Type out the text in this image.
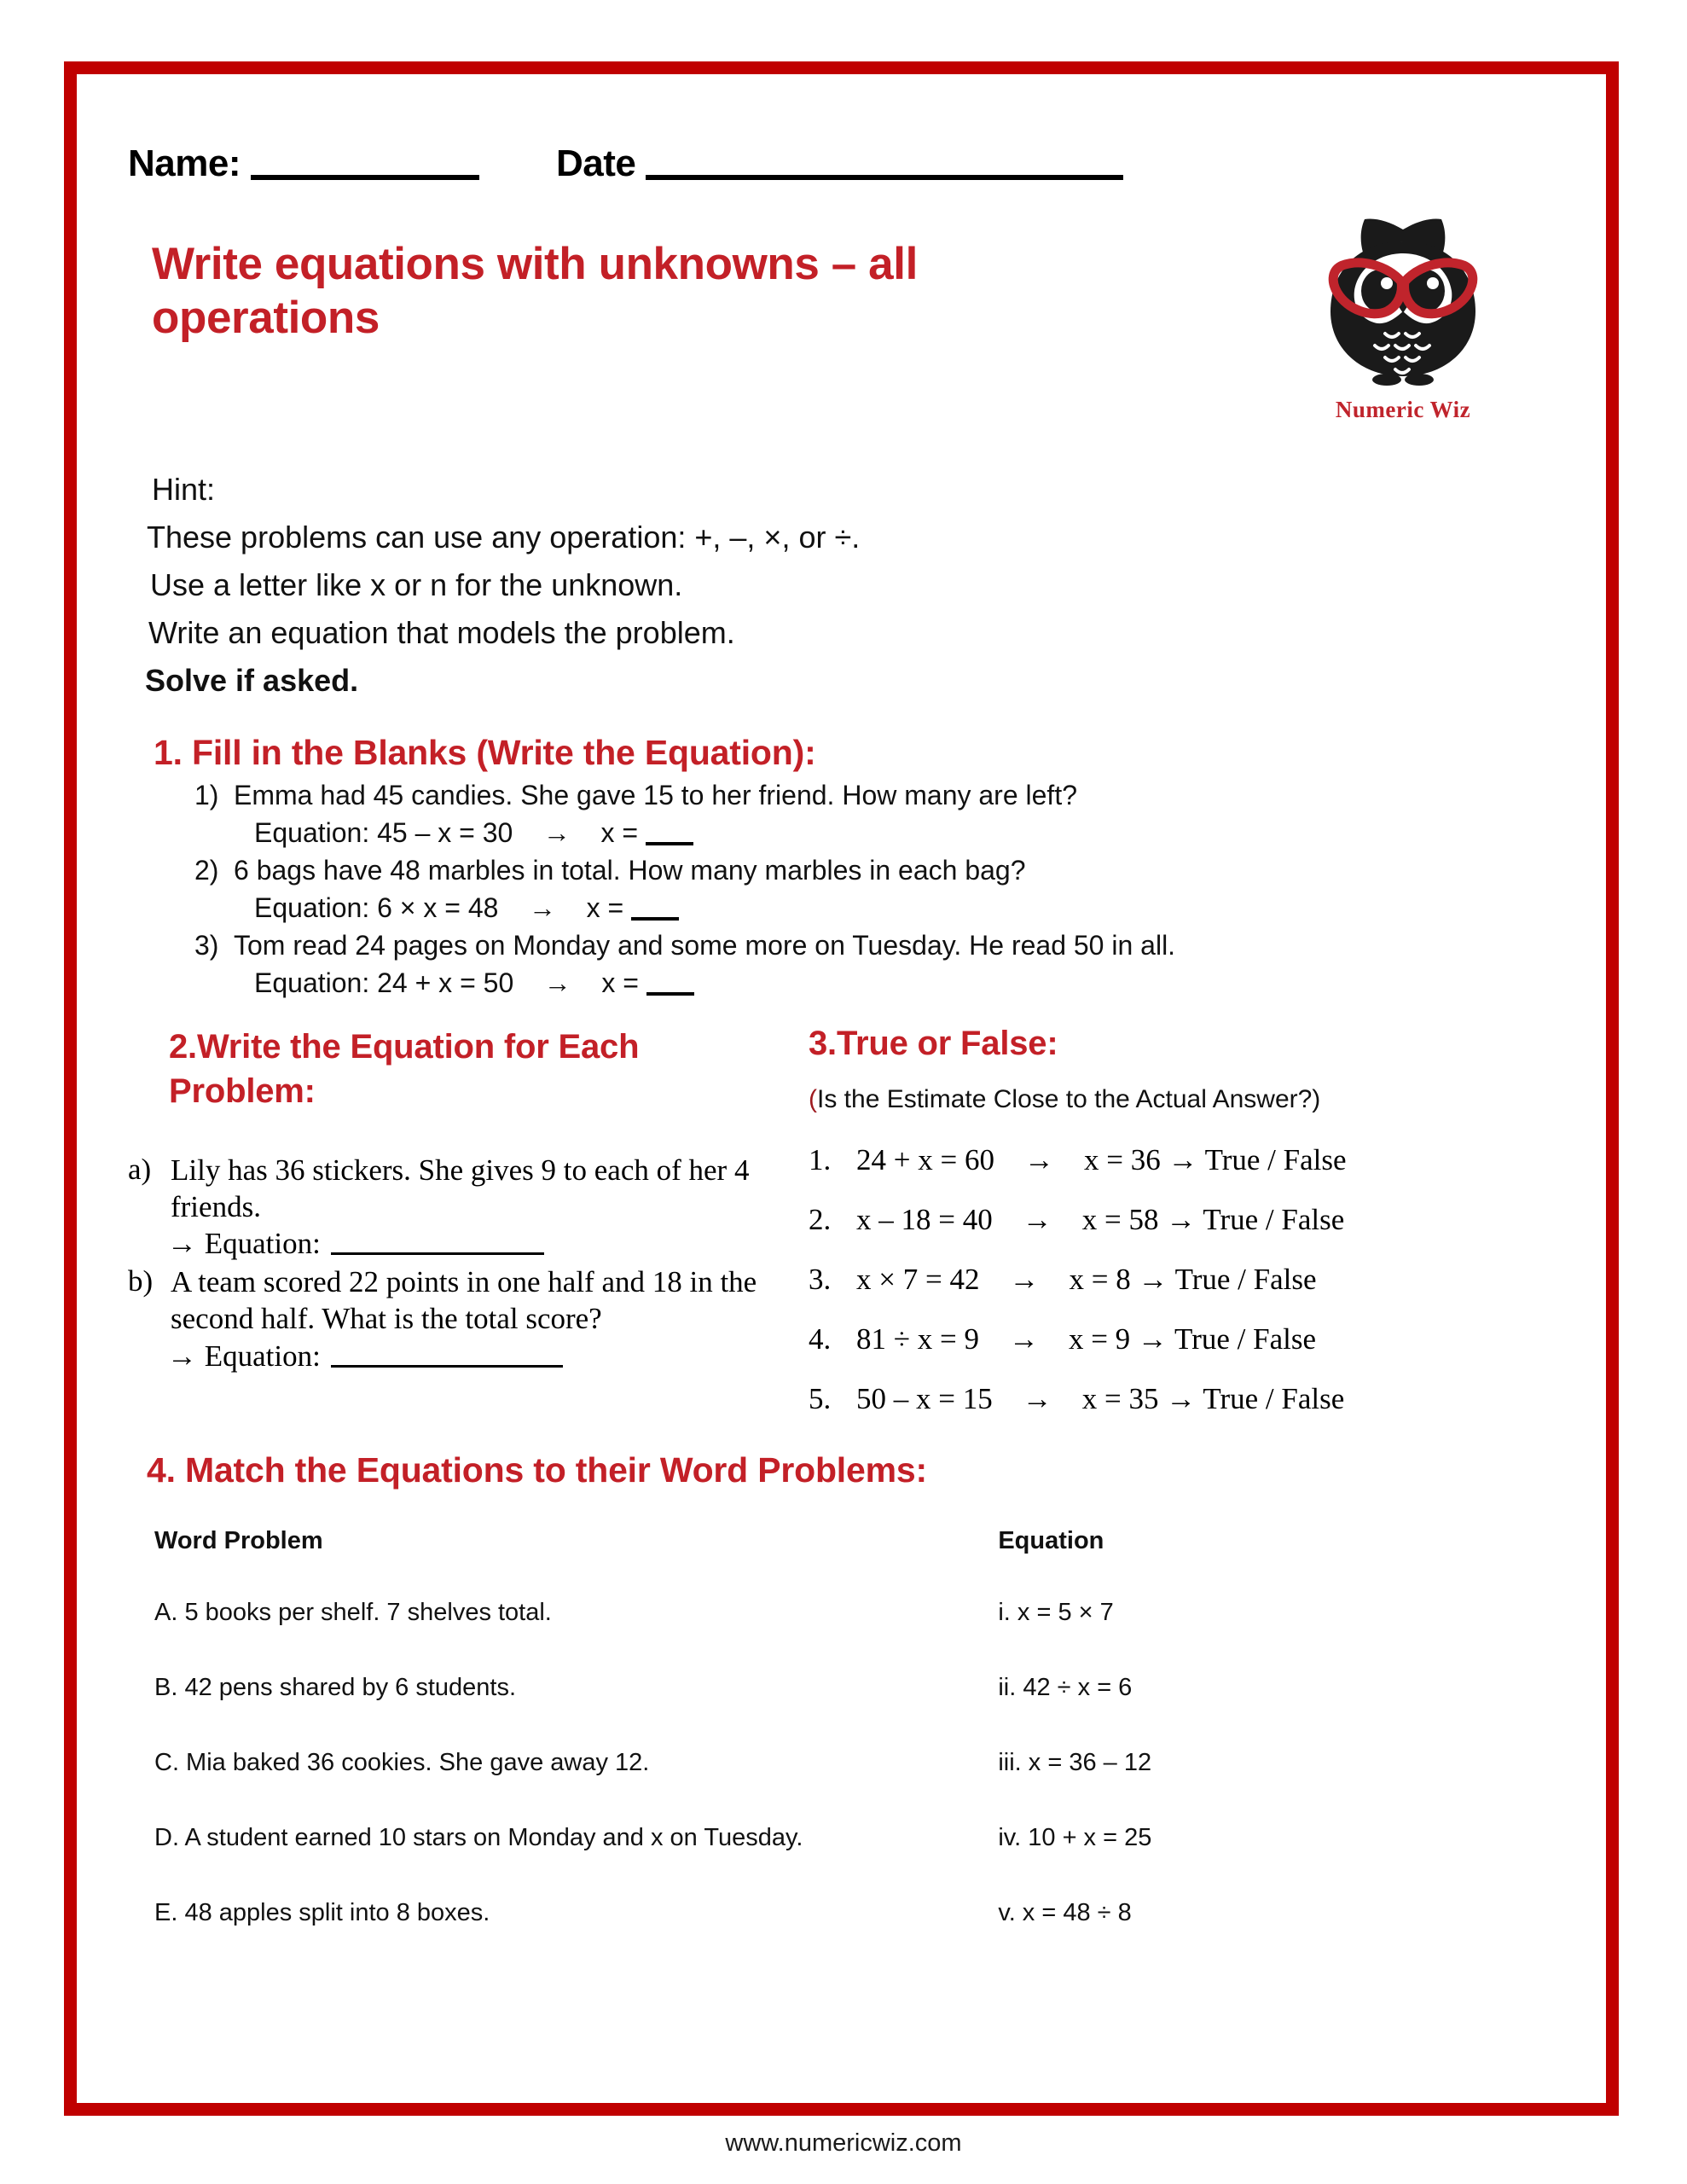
Name:	Date
Write equations with unknowns – all operations
Numeric Wiz
Hint:
These problems can use any operation: +, –, ×, or ÷.
Use a letter like x or n for the unknown.
Write an equation that models the problem.
Solve if asked.
1. Fill in the Blanks (Write the Equation):
1) Emma had 45 candies. She gave 15 to her friend. How many are left?
Equation: 45 – x = 30    →    x =
2) 6 bags have 48 marbles in total. How many marbles in each bag?
Equation: 6 × x = 48    →    x =
3) Tom read 24 pages on Monday and some more on Tuesday. He read 50 in all.
Equation: 24 + x = 50    →    x =
2.Write the Equation for Each Problem:
a) Lily has 36 stickers. She gives 9 to each of her 4 friends.
→ Equation:
b) A team scored 22 points in one half and 18 in the second half. What is the total score?
→ Equation:
3.True or False:
(Is the Estimate Close to the Actual Answer?)
1. 24 + x = 60    →    x = 36 → True / False
2. x – 18 = 40    →    x = 58 → True / False
3. x × 7 = 42    →    x = 8 → True / False
4. 81 ÷ x = 9    →    x = 9 → True / False
5. 50 – x = 15    →    x = 35 → True / False
4. Match the Equations to their Word Problems:
Word Problem	Equation
A. 5 books per shelf. 7 shelves total.	i. x = 5 × 7
B. 42 pens shared by 6 students.	ii. 42 ÷ x = 6
C. Mia baked 36 cookies. She gave away 12.	iii. x = 36 – 12
D. A student earned 10 stars on Monday and x on Tuesday.	iv. 10 + x = 25
E. 48 apples split into 8 boxes.	v. x = 48 ÷ 8
www.numericwiz.com
